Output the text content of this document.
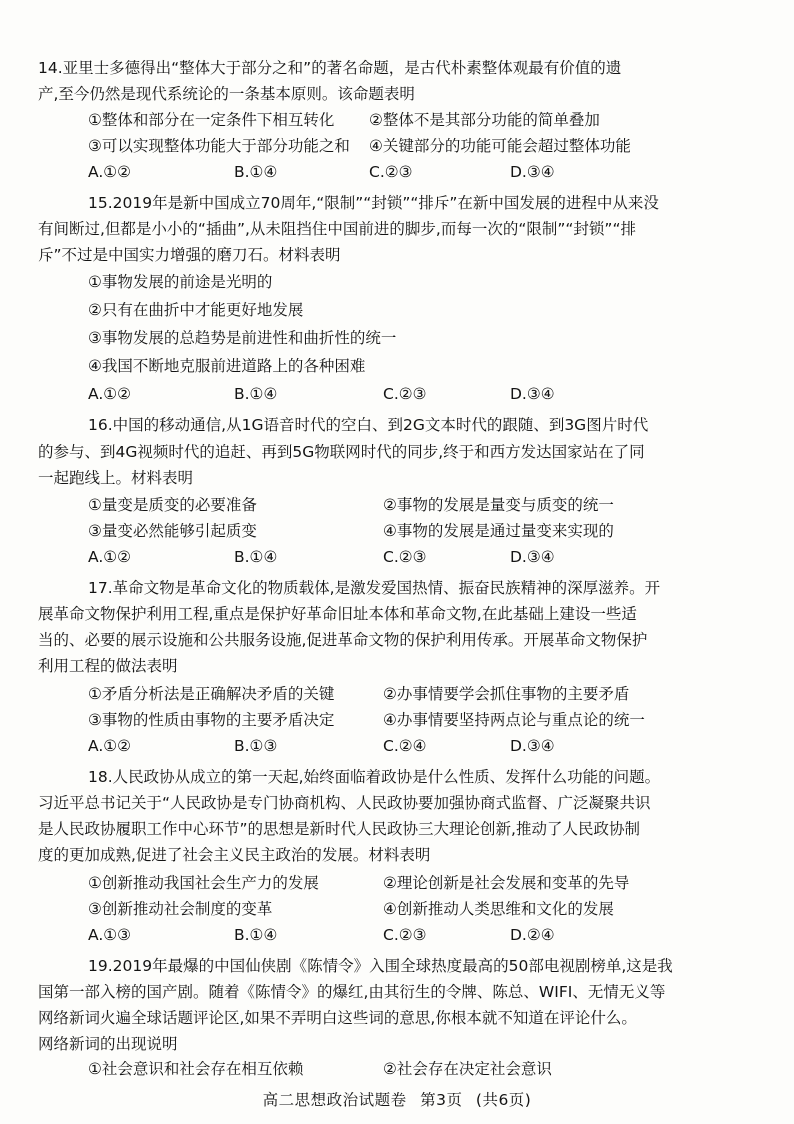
14.亚里士多德得出“整体大于部分之和”的著名命题，是古代朴素整体观最有价值的遗
产,至今仍然是现代系统论的一条基本原则。该命题表明
①整体和部分在一定条件下相互转化 ②整体不是其部分功能的简单叠加
③可以实现整体功能大于部分功能之和 ④关键部分的功能可能会超过整体功能
A.①②	B.①④	C.②③	D.③④
15.2019年是新中国成立70周年,“限制”“封锁”“排斥”在新中国发展的进程中从来没
有间断过,但都是小小的“插曲”,从未阻挡住中国前进的脚步,而每一次的“限制”“封锁”“排
斥”不过是中国实力增强的磨刀石。材料表明
①事物发展的前途是光明的
②只有在曲折中才能更好地发展
③事物发展的总趋势是前进性和曲折性的统一
④我国不断地克服前进道路上的各种困难
A.①②	B.①④	C.②③	D.③④
16.中国的移动通信,从1G语音时代的空白、到2G文本时代的跟随、到3G图片时代
的参与、到4G视频时代的追赶、再到5G物联网时代的同步,终于和西方发达国家站在了同
一起跑线上。材料表明
①量变是质变的必要准备	②事物的发展是量变与质变的统一
③量变必然能够引起质变	④事物的发展是通过量变来实现的
A.①②	B.①④	C.②③	D.③④
17.革命文物是革命文化的物质载体,是激发爱国热情、振奋民族精神的深厚滋养。开
展革命文物保护利用工程,重点是保护好革命旧址本体和革命文物,在此基础上建设一些适
当的、必要的展示设施和公共服务设施,促进革命文物的保护利用传承。开展革命文物保护
利用工程的做法表明
①矛盾分析法是正确解决矛盾的关键	②办事情要学会抓住事物的主要矛盾
③事物的性质由事物的主要矛盾决定	④办事情要坚持两点论与重点论的统一
A.①②	B.①③	C.②④	D.③④
18.人民政协从成立的第一天起,始终面临着政协是什么性质、发挥什么功能的问题。
习近平总书记关于“人民政协是专门协商机构、人民政协要加强协商式监督、广泛凝聚共识
是人民政协履职工作中心环节”的思想是新时代人民政协三大理论创新,推动了人民政协制
度的更加成熟,促进了社会主义民主政治的发展。材料表明
①创新推动我国社会生产力的发展	②理论创新是社会发展和变革的先导
③创新推动社会制度的变革	④创新推动人类思维和文化的发展
A.①③	B.①④	C.②③	D.②④
19.2019年最爆的中国仙侠剧《陈情令》入围全球热度最高的50部电视剧榜单,这是我
国第一部入榜的国产剧。随着《陈情令》的爆红,由其衍生的令牌、陈总、WIFI、无情无义等
网络新词火遍全球话题评论区,如果不弄明白这些词的意思,你根本就不知道在评论什么。
网络新词的出现说明
①社会意识和社会存在相互依赖	②社会存在决定社会意识
高二思想政治试题卷 第3页 (共6页)
